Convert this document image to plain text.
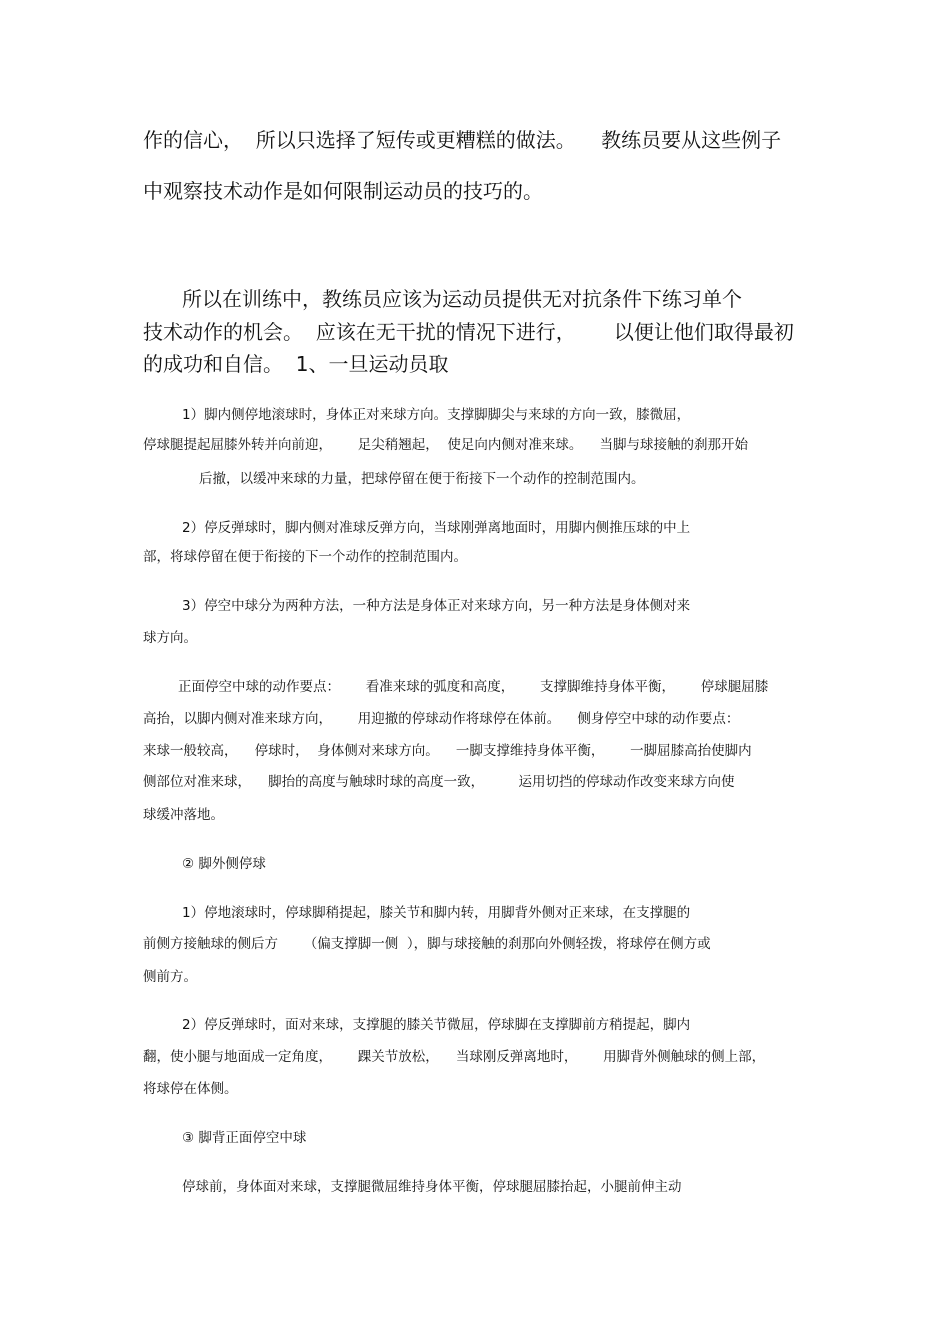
作的信心，  所以只选择了短传或更糟糕的做法。    教练员要从这些例子

中观察技术动作是如何限制运动员的技巧的。

所以在训练中，教练员应该为运动员提供无对抗条件下练习单个

技术动作的机会。  应该在无干扰的情况下进行，      以便让他们取得最初

的成功和自信。  1、一旦运动员取

1）脚内侧停地滚球时，身体正对来球方向。支撑脚脚尖与来球的方向一致，膝微屈，

停球腿提起屈膝外转并向前迎，      足尖稍翘起，  使足向内侧对准来球。    当脚与球接触的刹那开始

后撤，以缓冲来球的力量，把球停留在便于衔接下一个动作的控制范围内。

2）停反弹球时，脚内侧对准球反弹方向，当球刚弹离地面时，用脚内侧推压球的中上

部，将球停留在便于衔接的下一个动作的控制范围内。

3）停空中球分为两种方法，一种方法是身体正对来球方向，另一种方法是身体侧对来

球方向。

正面停空中球的动作要点：      看准来球的弧度和高度，      支撑脚维持身体平衡，      停球腿屈膝

高抬，以脚内侧对准来球方向，      用迎撤的停球动作将球停在体前。    侧身停空中球的动作要点：

来球一般较高，    停球时，  身体侧对来球方向。    一脚支撑维持身体平衡，      一脚屈膝高抬使脚内

侧部位对准来球，    脚抬的高度与触球时球的高度一致，        运用切挡的停球动作改变来球方向使

球缓冲落地。

② 脚外侧停球

1）停地滚球时，停球脚稍提起，膝关节和脚内转，用脚背外侧对正来球，在支撑腿的

前侧方接触球的侧后方      （偏支撑脚一侧  ），脚与球接触的刹那向外侧轻拨，将球停在侧方或

侧前方。

2）停反弹球时，面对来球，支撑腿的膝关节微屈，停球脚在支撑脚前方稍提起，脚内

翻，使小腿与地面成一定角度，      踝关节放松，    当球刚反弹离地时，      用脚背外侧触球的侧上部，

将球停在体侧。

③ 脚背正面停空中球

停球前，身体面对来球，支撑腿微屈维持身体平衡，停球腿屈膝抬起，小腿前伸主动
